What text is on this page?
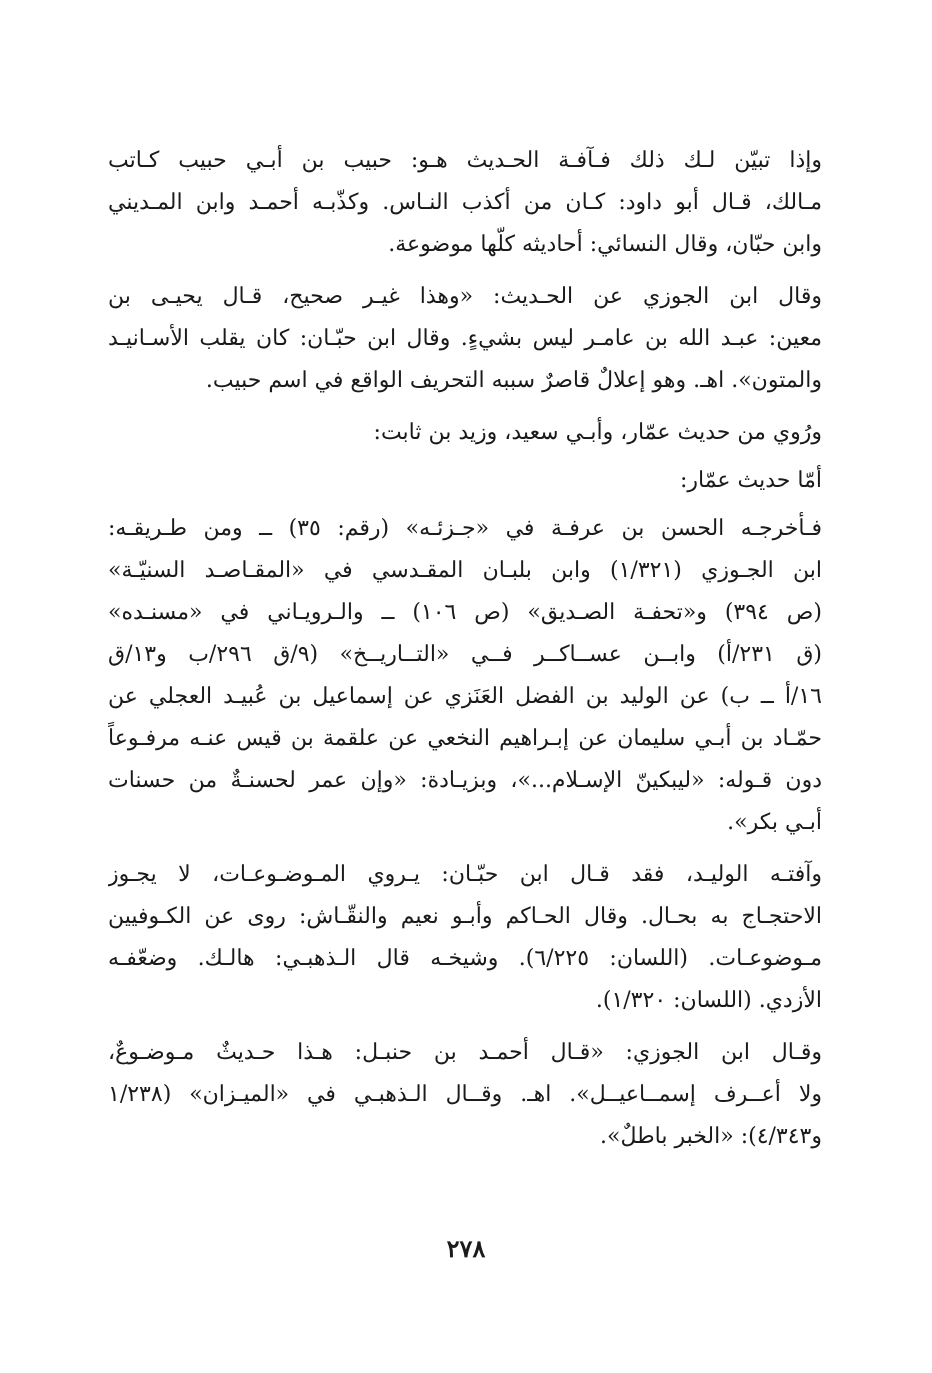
وإذا تبيّن لـك ذلك فـآفـة الحـديث هـو: حبيب بن أبـي حبيب كـاتب
مـالك، قـال أبو داود: كـان من أكذب النـاس. وكذّبـه أحمـد وابن المـديني
وابن حبّان، وقال النسائي: أحاديثه كلّها موضوعة.
وقال ابن الجوزي عن الحـديث: «وهذا غيـر صحيح، قـال يحيـى بن
معين: عبـد الله بن عامـر ليس بشيءٍ. وقال ابن حبّـان: كان يقلب الأسـانيـد
والمتون». اهـ. وهو إعلالٌ قاصرٌ سببه التحريف الواقع في اسم حبيب.
ورُوي من حديث عمّار، وأبـي سعيد، وزيد بن ثابت:
أمّا حديث عمّار:
فـأخرجـه الحسن بن عرفـة في «جـزئـه» (رقم: ٣٥) ــ ومن طـريقـه:
ابن الجـوزي (١/٣٢١) وابن بلبـان المقـدسي في «المقـاصـد السنيّـة»
(ص ٣٩٤) و«تحفـة الصـديق» (ص ١٠٦) ــ والـرويـاني في «مسنـده»
(ق ٢٣١/أ) وابــن عســاكــر فــي «التــاريــخ» (٩/ق ٢٩٦/ب و١٣/ق
١٦/أ ــ ب) عن الوليد بن الفضل العَنَزي عن إسماعيل بن عُبيـد العجلي عن
حمّـاد بن أبـي سليمان عن إبـراهيم النخعي عن علقمة بن قيس عنـه مرفـوعاً
دون قـوله: «ليبكينّ الإسـلام...»، وبزيـادة: «وإن عمر لحسنـةٌ من حسنات
أبـي بكر».
وآفتـه الوليـد، فقد قـال ابن حبّـان: يـروي المـوضـوعـات، لا يجـوز
الاحتجـاج به بحـال. وقال الحـاكم وأبـو نعيم والنقّـاش: روى عن الكـوفيين
مـوضوعـات. (اللسان: ٦/٢٢٥). وشيخـه قال الـذهبـي: هالـك. وضعّفـه
الأزدي. (اللسان: ١/٣٢٠).
وقـال ابن الجوزي: «قـال أحمـد بن حنبـل: هـذا حـديثٌ مـوضـوعٌ،
ولا أعــرف إسمــاعيــل». اهـ. وقــال الـذهبـي في «الميـزان» (١/٢٣٨
و٤/٣٤٣): «الخبر باطلٌ».
٢٧٨
